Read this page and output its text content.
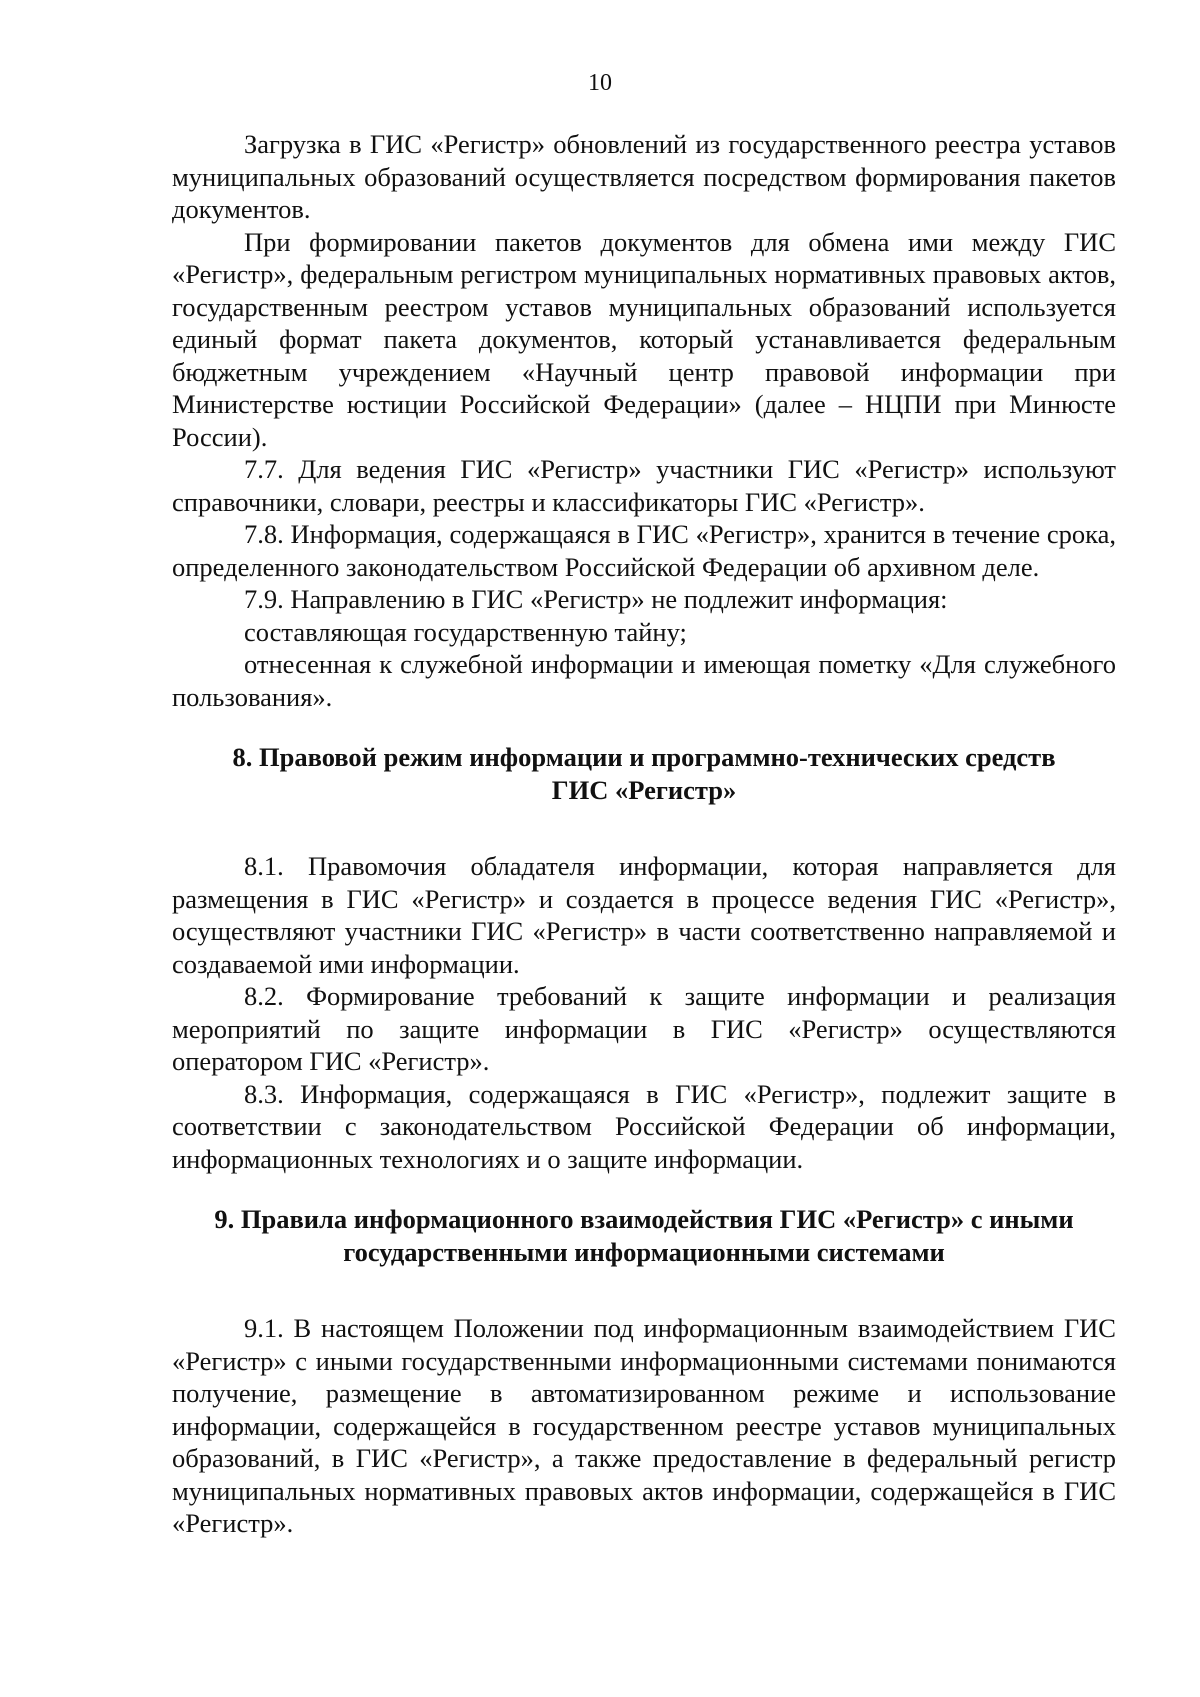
10

Загрузка в ГИС «Регистр» обновлений из государственного реестра уставов муниципальных образований осуществляется посредством формирования пакетов документов.

При формировании пакетов документов для обмена ими между ГИС «Регистр», федеральным регистром муниципальных нормативных правовых актов, государственным реестром уставов муниципальных образований используется единый формат пакета документов, который устанавливается федеральным бюджетным учреждением «Научный центр правовой информации при Министерстве юстиции Российской Федерации» (далее – НЦПИ при Минюсте России).

7.7. Для ведения ГИС «Регистр» участники ГИС «Регистр» используют справочники, словари, реестры и классификаторы ГИС «Регистр».

7.8. Информация, содержащаяся в ГИС «Регистр», хранится в течение срока, определенного законодательством Российской Федерации об архивном деле.

7.9. Направлению в ГИС «Регистр» не подлежит информация:

составляющая государственную тайну;

отнесенная к служебной информации и имеющая пометку «Для служебного пользования».

8. Правовой режим информации и программно-технических средств

ГИС «Регистр»

8.1. Правомочия обладателя информации, которая направляется для размещения в ГИС «Регистр» и создается в процессе ведения ГИС «Регистр», осуществляют участники ГИС «Регистр» в части соответственно направляемой и создаваемой ими информации.

8.2. Формирование требований к защите информации и реализация мероприятий по защите информации в ГИС «Регистр» осуществляются оператором ГИС «Регистр».

8.3. Информация, содержащаяся в ГИС «Регистр», подлежит защите в соответствии с законодательством Российской Федерации об информации, информационных технологиях и о защите информации.

9. Правила информационного взаимодействия ГИС «Регистр» с иными

государственными информационными системами

9.1. В настоящем Положении под информационным взаимодействием ГИС «Регистр» с иными государственными информационными системами понимаются получение, размещение в автоматизированном режиме и использование информации, содержащейся в государственном реестре уставов муниципальных образований, в ГИС «Регистр», а также предоставление в федеральный регистр муниципальных нормативных правовых актов информации, содержащейся в ГИС «Регистр».
